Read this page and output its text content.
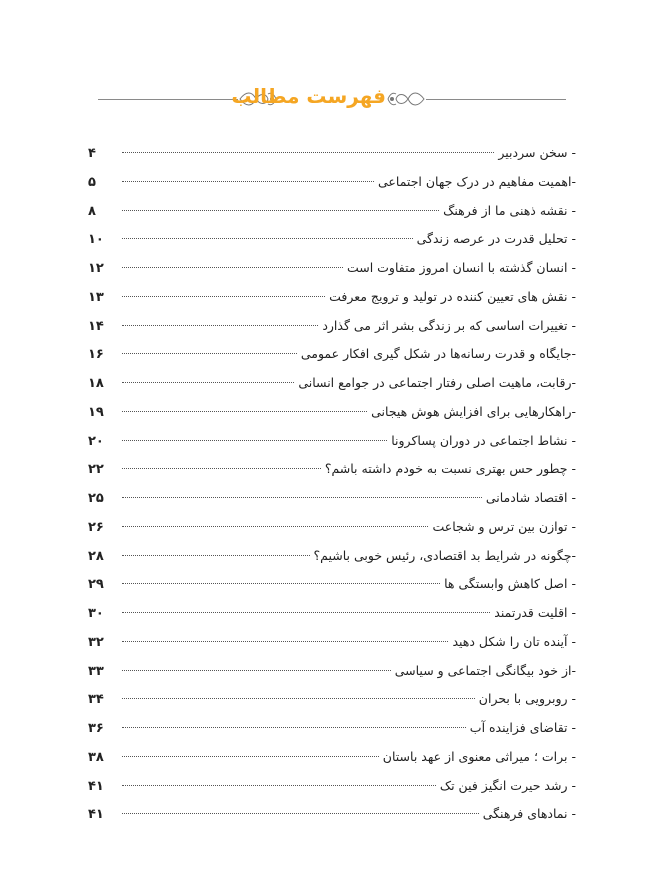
فهرست مطالب
- سخن سردبیر
۴
-اهمیت مفاهیم در درک جهان اجتماعی
۵
- نقشه ذهنی ما از فرهنگ
۸
- تحلیل قدرت در عرصه زندگی
۱۰
- انسان گذشته با انسان امروز متفاوت است
۱۲
- نقش های تعیین کننده در تولید و ترویج معرفت
۱۳
- تغییرات اساسی که بر زندگی بشر اثر می گذارد
۱۴
-جایگاه و قدرت رسانه‌ها در شکل گیری افکار عمومی
۱۶
-رقابت، ماهیت اصلی رفتار اجتماعی در جوامع انسانی
۱۸
-راهکارهایی برای افزایش هوش هیجانی
۱۹
- نشاط اجتماعی در دوران پساکرونا
۲۰
- چطور حس بهتری نسبت به خودم داشته باشم؟
۲۲
- اقتصاد شادمانی
۲۵
- توازن بین ترس و شجاعت
۲۶
-چگونه در شرایط بد اقتصادی، رئیس خوبی باشیم؟
۲۸
- اصل کاهش وابستگی ها
۲۹
- اقلیت قدرتمند
۳۰
- آینده تان را شکل دهید
۳۲
-از خود بیگانگی اجتماعی و سیاسی
۳۳
- روبرویی با بحران
۳۴
- تقاضای فزاینده آب
۳۶
- برات ؛ میراثی معنوی از عهد باستان
۳۸
- رشد حیرت انگیز فین تک
۴۱
- نمادهای فرهنگی
۴۱
